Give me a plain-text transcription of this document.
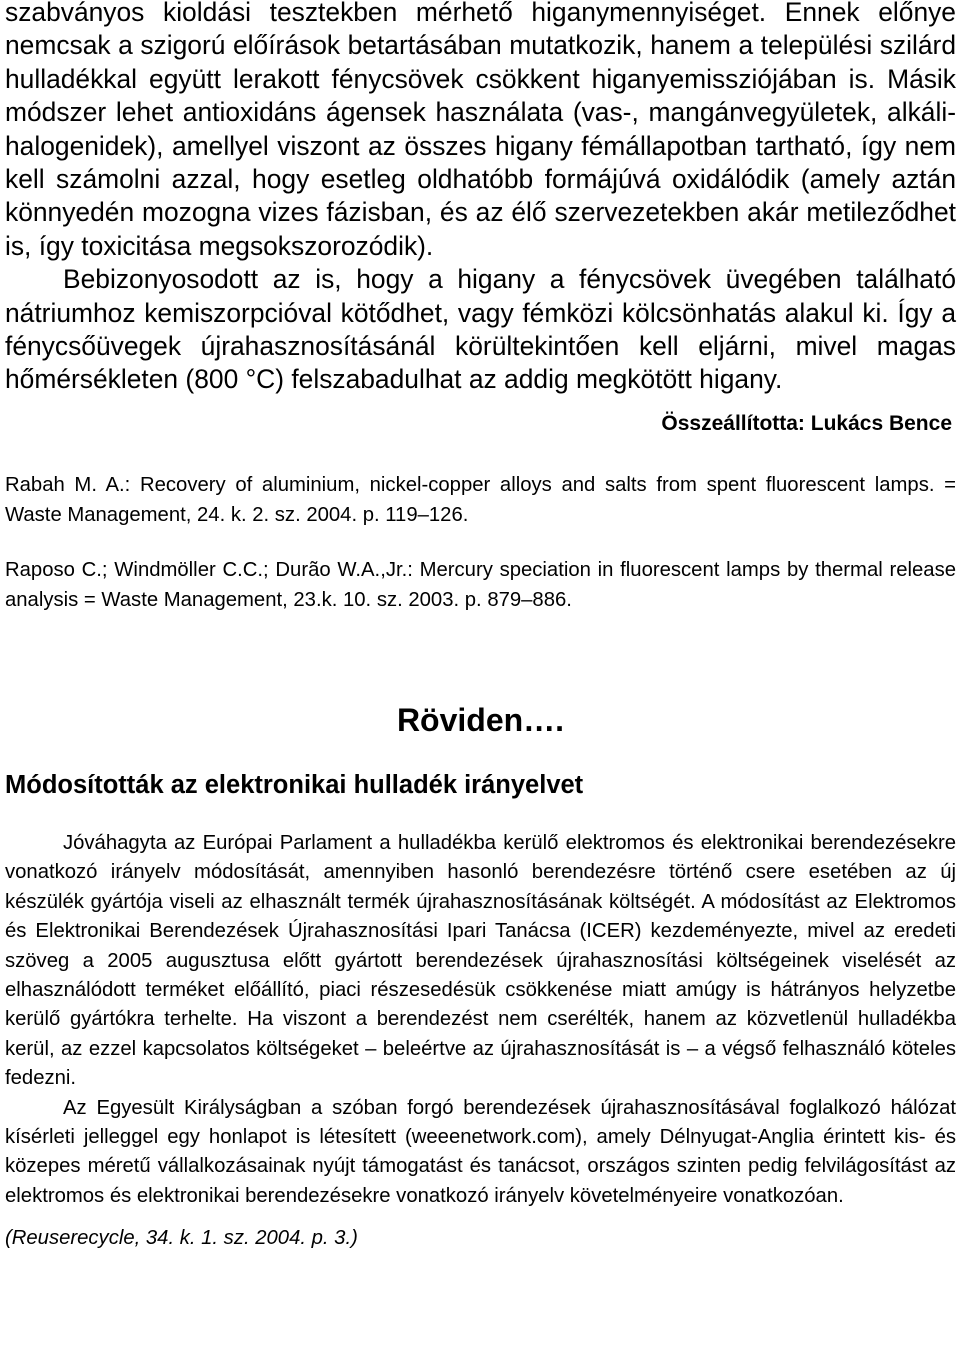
szabványos kioldási tesztekben mérhető higanymennyiséget. Ennek előnye nemcsak a szigorú előírások betartásában mutatkozik, hanem a települési szilárd hulladékkal együtt lerakott fénycsövek csökkent higanyemissziójában is. Másik módszer lehet antioxidáns ágensek használata (vas-, mangánvegyületek, alkáli-halogenidek), amellyel viszont az összes higany fémállapotban tartható, így nem kell számolni azzal, hogy esetleg oldhatóbb formájúvá oxidálódik (amely aztán könnyedén mozogna vizes fázisban, és az élő szervezetekben akár metileződhet is, így toxicitása megsokszorozódik).

Bebizonyosodott az is, hogy a higany a fénycsövek üvegében található nátriumhoz kemiszorpcióval kötődhet, vagy fémközi kölcsönhatás alakul ki. Így a fénycsőüvegek újrahasznosításánál körültekintően kell eljárni, mivel magas hőmérsékleten (800 °C) felszabadulhat az addig megkötött higany.

Összeállította: Lukács Bence

Rabah M. A.: Recovery of aluminium, nickel-copper alloys and salts from spent fluorescent lamps. = Waste Management, 24. k. 2. sz. 2004. p. 119–126.

Raposo C.; Windmöller C.C.; Durão W.A.,Jr.: Mercury speciation in fluorescent lamps by thermal release analysis = Waste Management, 23.k. 10. sz. 2003. p. 879–886.

Röviden….
Módosították az elektronikai hulladék irányelvet

Jóváhagyta az Európai Parlament a hulladékba kerülő elektromos és elektronikai berendezésekre vonatkozó irányelv módosítását, amennyiben hasonló berendezésre történő csere esetében az új készülék gyártója viseli az elhasznált termék újrahasznosításának költségét. A módosítást az Elektromos és Elektronikai Berendezések Újrahasznosítási Ipari Tanácsa (ICER) kezdeményezte, mivel az eredeti szöveg a 2005 augusztusa előtt gyártott berendezések újrahasznosítási költségeinek viselését az elhasználódott terméket előállító, piaci részesedésük csökkenése miatt amúgy is hátrányos helyzetbe kerülő gyártókra terhelte. Ha viszont a berendezést nem cserélték, hanem az közvetlenül hulladékba kerül, az ezzel kapcsolatos költségeket – beleértve az újrahasznosítását is – a végső felhasználó köteles fedezni.

Az Egyesült Királyságban a szóban forgó berendezések újrahasznosításával foglalkozó hálózat kísérleti jelleggel egy honlapot is létesített (weeenetwork.com), amely Délnyugat-Anglia érintett kis- és közepes méretű vállalkozásainak nyújt támogatást és tanácsot, országos szinten pedig felvilágosítást az elektromos és elektronikai berendezésekre vonatkozó irányelv követelményeire vonatkozóan.

(Reuserecycle, 34. k. 1. sz. 2004. p. 3.)
